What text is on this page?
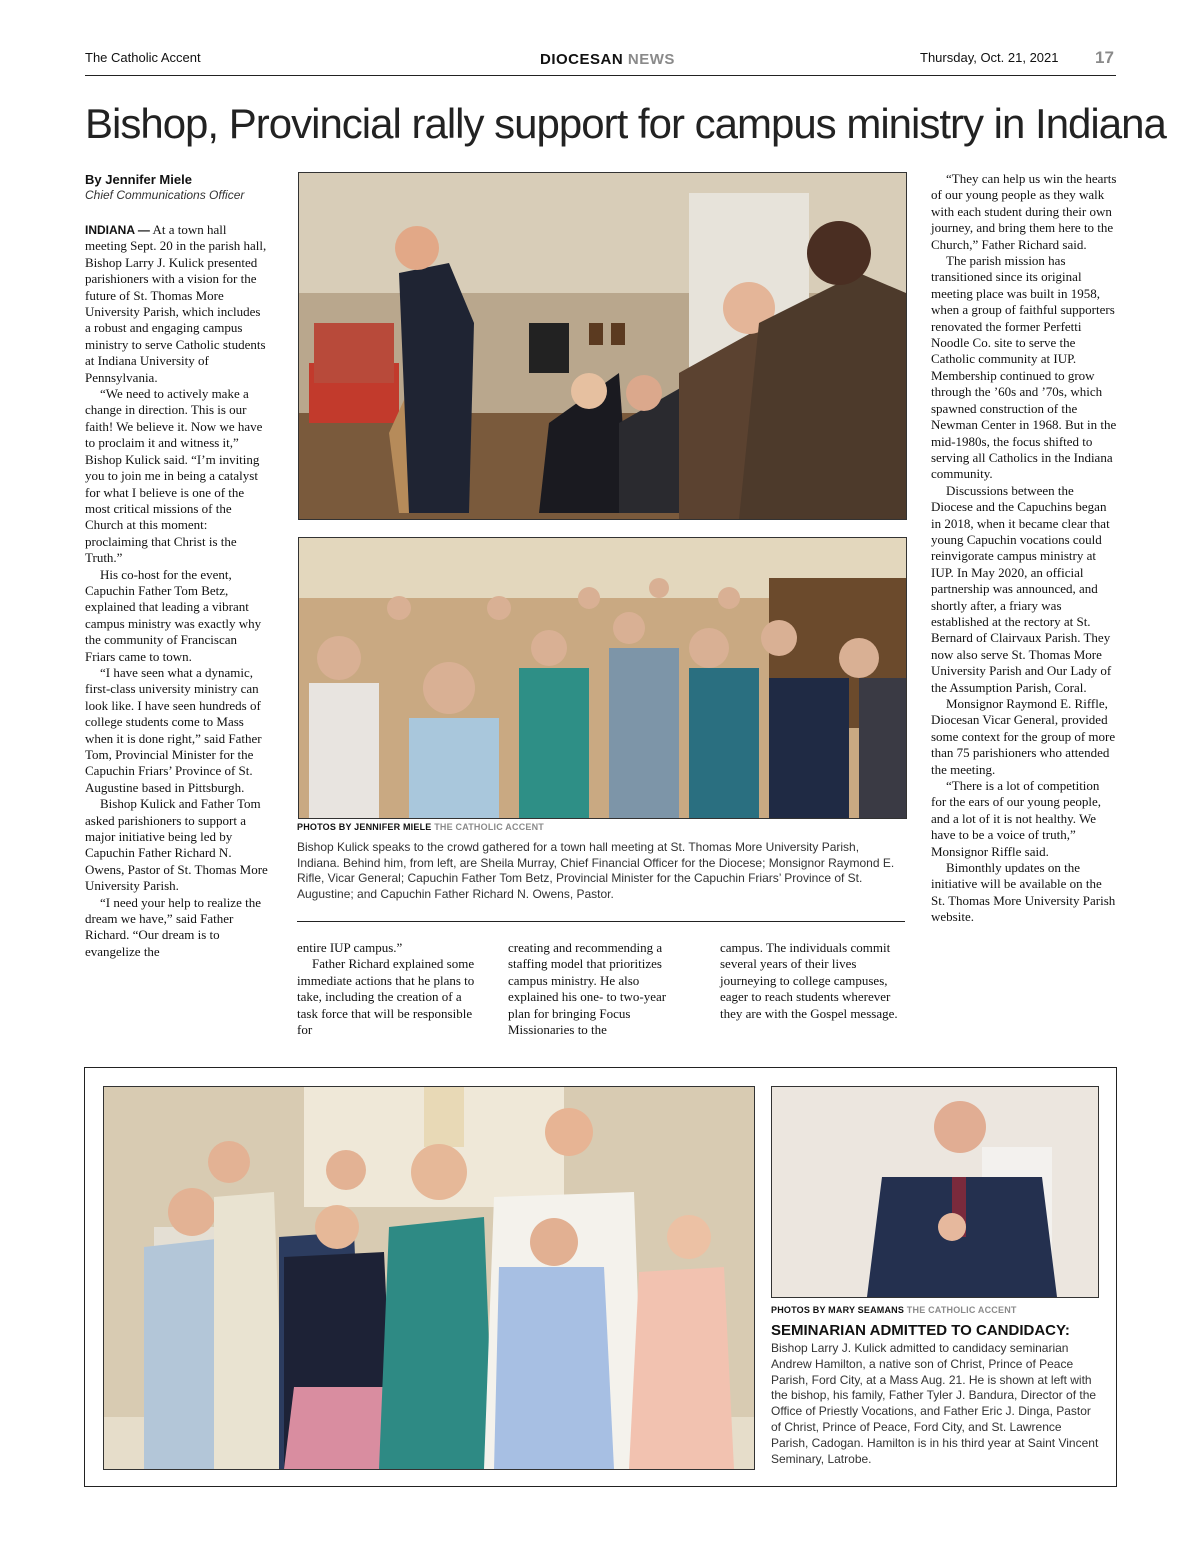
The Catholic Accent	DIOCESAN NEWS	Thursday, Oct. 21, 2021 17
Bishop, Provincial rally support for campus ministry in Indiana
By Jennifer Miele
Chief Communications Officer

INDIANA — At a town hall meeting Sept. 20 in the parish hall, Bishop Larry J. Kulick presented parishioners with a vision for the future of St. Thomas More University Parish, which includes a robust and engaging campus ministry to serve Catholic students at Indiana University of Pennsylvania.

“We need to actively make a change in direction. This is our faith! We believe it. Now we have to proclaim it and witness it,” Bishop Kulick said. “I’m inviting you to join me in being a catalyst for what I believe is one of the most critical missions of the Church at this moment: proclaiming that Christ is the Truth.”

His co-host for the event, Capuchin Father Tom Betz, explained that leading a vibrant campus ministry was exactly why the community of Franciscan Friars came to town.

“I have seen what a dynamic, first-class university ministry can look like. I have seen hundreds of college students come to Mass when it is done right,” said Father Tom, Provincial Minister for the Capuchin Friars’ Province of St. Augustine based in Pittsburgh.

Bishop Kulick and Father Tom asked parishioners to support a major initiative being led by Capuchin Father Richard N. Owens, Pastor of St. Thomas More University Parish.

“I need your help to realize the dream we have,” said Father Richard. “Our dream is to evangelize the

PHOTOS BY JENNIFER MIELE THE CATHOLIC ACCENT
Bishop Kulick speaks to the crowd gathered for a town hall meeting at St. Thomas More University Parish, Indiana. Behind him, from left, are Sheila Murray, Chief Financial Officer for the Diocese; Monsignor Raymond E. Rifle, Vicar General; Capuchin Father Tom Betz, Provincial Minister for the Capuchin Friars’ Province of St. Augustine; and Capuchin Father Richard N. Owens, Pastor.

entire IUP campus.”

Father Richard explained some immediate actions that he plans to take, including the creation of a task force that will be responsible for

creating and recommending a staffing model that prioritizes campus ministry. He also explained his one- to two-year plan for bringing Focus Missionaries to the

campus. The individuals commit several years of their lives journeying to college campuses, eager to reach students wherever they are with the Gospel message.

“They can help us win the hearts of our young people as they walk with each student during their own journey, and bring them here to the Church,” Father Richard said.

The parish mission has transitioned since its original meeting place was built in 1958, when a group of faithful supporters renovated the former Perfetti Noodle Co. site to serve the Catholic community at IUP. Membership continued to grow through the ’60s and ’70s, which spawned construction of the Newman Center in 1968. But in the mid-1980s, the focus shifted to serving all Catholics in the Indiana community.

Discussions between the Diocese and the Capuchins began in 2018, when it became clear that young Capuchin vocations could reinvigorate campus ministry at IUP. In May 2020, an official partnership was announced, and shortly after, a friary was established at the rectory at St. Bernard of Clairvaux Parish. They now also serve St. Thomas More University Parish and Our Lady of the Assumption Parish, Coral.

Monsignor Raymond E. Riffle, Diocesan Vicar General, provided some context for the group of more than 75 parishioners who attended the meeting.

“There is a lot of competition for the ears of our young people, and a lot of it is not healthy. We have to be a voice of truth,” Monsignor Riffle said.

Bimonthly updates on the initiative will be available on the St. Thomas More University Parish website.

PHOTOS BY MARY SEAMANS THE CATHOLIC ACCENT
SEMINARIAN ADMITTED TO CANDIDACY:
Bishop Larry J. Kulick admitted to candidacy seminarian Andrew Hamilton, a native son of Christ, Prince of Peace Parish, Ford City, at a Mass Aug. 21. He is shown at left with the bishop, his family, Father Tyler J. Bandura, Director of the Office of Priestly Vocations, and Father Eric J. Dinga, Pastor of Christ, Prince of Peace, Ford City, and St. Lawrence Parish, Cadogan. Hamilton is in his third year at Saint Vincent Seminary, Latrobe.
